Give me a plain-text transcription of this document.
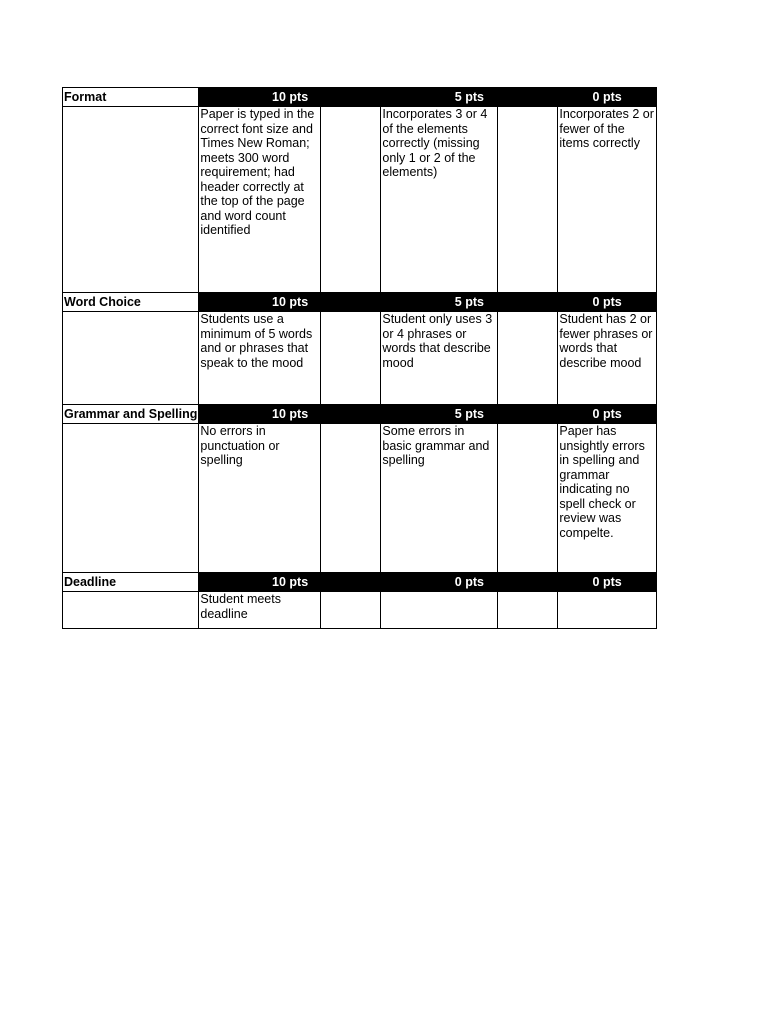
Format	10 pts		5 pts		0 pts
	Paper is typed in the correct font size and Times New Roman; meets 300 word requirement; had header correctly at the top of the page and word count identified		Incorporates 3 or 4 of the elements correctly (missing only 1 or 2 of the elements)		Incorporates 2 or fewer of the items correctly
Word Choice	10 pts		5 pts		0 pts
	Students use a minimum of 5 words and or phrases that speak to the mood		Student only uses 3 or 4 phrases or words that describe mood		Student has 2 or fewer phrases or words that describe mood
Grammar and Spelling	10 pts		5 pts		0 pts
	No errors in punctuation or spelling		Some errors in basic grammar and spelling		Paper has unsightly errors in spelling and grammar indicating no spell check or review was compelte.
Deadline	10 pts		0 pts		0 pts
	Student meets deadline				
